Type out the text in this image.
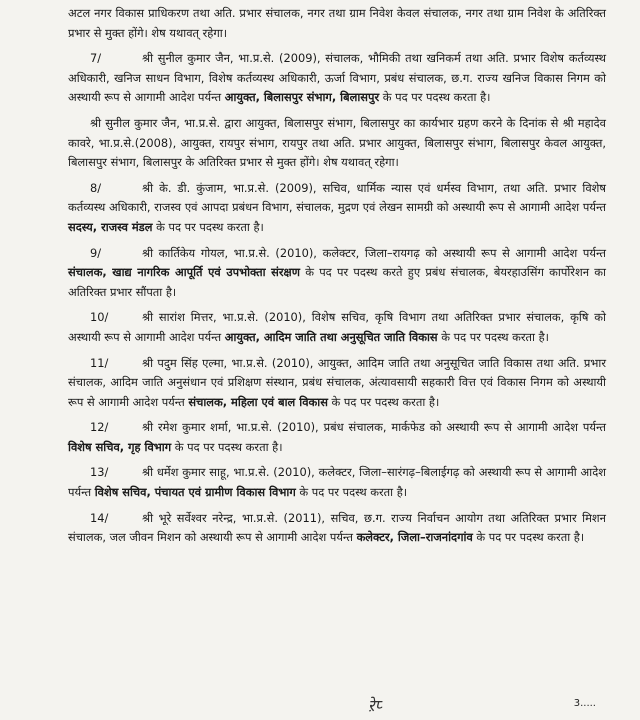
अटल नगर विकास प्राधिकरण तथा अति. प्रभार संचालक, नगर तथा ग्राम निवेश केवल संचालक, नगर तथा ग्राम निवेश के अतिरिक्त प्रभार से मुक्त होंगे। शेष यथावत् रहेगा।

7/	श्री सुनील कुमार जैन, भा.प्र.से. (2009), संचालक, भौमिकी तथा खनिकर्म तथा अति. प्रभार विशेष कर्तव्यस्थ अधिकारी, खनिज साधन विभाग, विशेष कर्तव्यस्थ अधिकारी, ऊर्जा विभाग, प्रबंध संचालक, छ.ग. राज्य खनिज विकास निगम को अस्थायी रूप से आगामी आदेश पर्यन्त आयुक्त, बिलासपुर संभाग, बिलासपुर के पद पर पदस्थ करता है।

श्री सुनील कुमार जैन, भा.प्र.से. द्वारा आयुक्त, बिलासपुर संभाग, बिलासपुर का कार्यभार ग्रहण करने के दिनांक से श्री महादेव कावरे, भा.प्र.से.(2008), आयुक्त, रायपुर संभाग, रायपुर तथा अति. प्रभार आयुक्त, बिलासपुर संभाग, बिलासपुर केवल आयुक्त, बिलासपुर संभाग, बिलासपुर के अतिरिक्त प्रभार से मुक्त होंगे। शेष यथावत् रहेगा।

8/	श्री के. डी. कुंजाम, भा.प्र.से. (2009), सचिव, धार्मिक न्यास एवं धर्मस्व विभाग, तथा अति. प्रभार विशेष कर्तव्यस्थ अधिकारी, राजस्व एवं आपदा प्रबंधन विभाग, संचालक, मुद्रण एवं लेखन सामग्री को अस्थायी रूप से आगामी आदेश पर्यन्त सदस्य, राजस्व मंडल के पद पर पदस्थ करता है।

9/	श्री कार्तिकेय गोयल, भा.प्र.से. (2010), कलेक्टर, जिला–रायगढ़ को अस्थायी रूप से आगामी आदेश पर्यन्त संचालक, खाद्य नागरिक आपूर्ति एवं उपभोक्ता संरक्षण के पद पर पदस्थ करते हुए प्रबंध संचालक, बेयरहाउसिंग कार्पोरेशन का अतिरिक्त प्रभार सौंपता है।

10/	श्री सारांश मित्तर, भा.प्र.से. (2010), विशेष सचिव, कृषि विभाग तथा अतिरिक्त प्रभार संचालक, कृषि को अस्थायी रूप से आगामी आदेश पर्यन्त आयुक्त, आदिम जाति तथा अनुसूचित जाति विकास के पद पर पदस्थ करता है।

11/	श्री पदुम सिंह एल्मा, भा.प्र.से. (2010), आयुक्त, आदिम जाति तथा अनुसूचित जाति विकास तथा अति. प्रभार संचालक, आदिम जाति अनुसंधान एवं प्रशिक्षण संस्थान, प्रबंध संचालक, अंत्यावसायी सहकारी वित्त एवं विकास निगम को अस्थायी रूप से आगामी आदेश पर्यन्त संचालक, महिला एवं बाल विकास के पद पर पदस्थ करता है।

12/	श्री रमेश कुमार शर्मा, भा.प्र.से. (2010), प्रबंध संचालक, मार्कफेड को अस्थायी रूप से आगामी आदेश पर्यन्त विशेष सचिव, गृह विभाग के पद पर पदस्थ करता है।

13/	श्री धर्मेश कुमार साहू, भा.प्र.से. (2010), कलेक्टर, जिला–सारंगढ़–बिलाईगढ़ को अस्थायी रूप से आगामी आदेश पर्यन्त विशेष सचिव, पंचायत एवं ग्रामीण विकास विभाग के पद पर पदस्थ करता है।

14/	श्री भूरे सर्वेश्वर नरेन्द्र, भा.प्र.से. (2011), सचिव, छ.ग. राज्य निर्वाचन आयोग तथा अतिरिक्त प्रभार मिशन संचालक, जल जीवन मिशन को अस्थायी रूप से आगामी आदेश पर्यन्त कलेक्टर, जिला–राजनांदगांव के पद पर पदस्थ करता है।

ऱेप्‍	3.....
